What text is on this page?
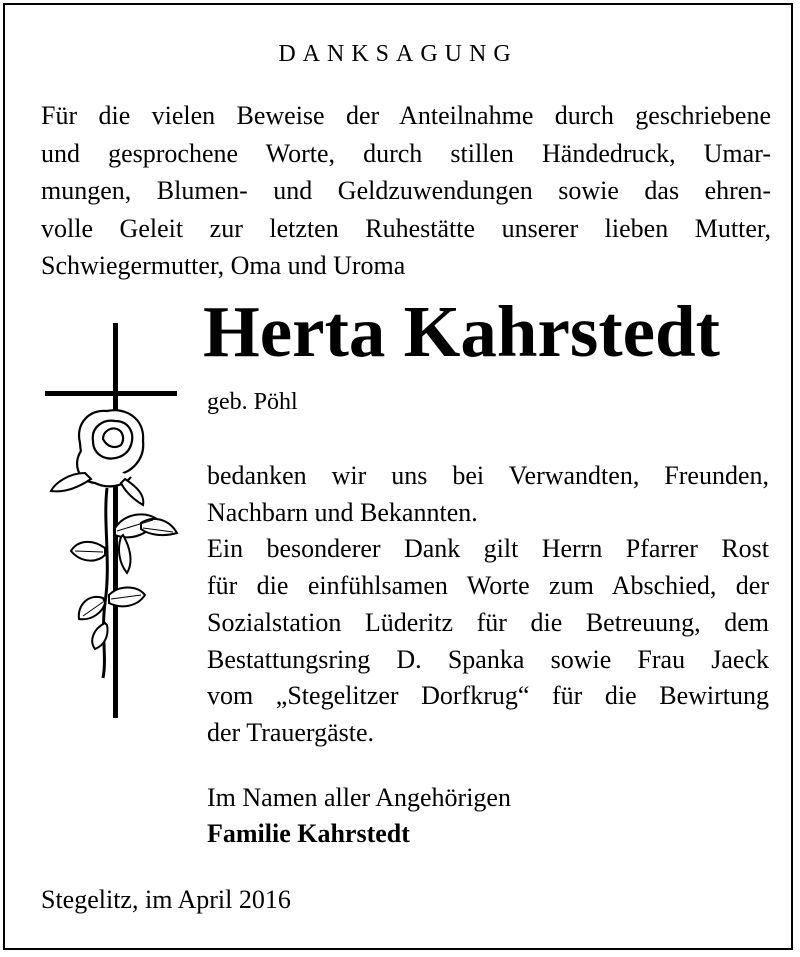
DANKSAGUNG

Für die vielen Beweise der Anteilnahme durch geschriebene
und gesprochene Worte, durch stillen Händedruck, Umar-
mungen, Blumen- und Geldzuwendungen sowie das ehren-
volle Geleit zur letzten Ruhestätte unserer lieben Mutter,
Schwiegermutter, Oma und Uroma

Herta Kahrstedt
geb. Pöhl

bedanken wir uns bei Verwandten, Freunden,
Nachbarn und Bekannten.
Ein besonderer Dank gilt Herrn Pfarrer Rost
für die einfühlsamen Worte zum Abschied, der
Sozialstation Lüderitz für die Betreuung, dem
Bestattungsring D. Spanka sowie Frau Jaeck
vom „Stegelitzer Dorfkrug“ für die Bewirtung
der Trauergäste.

Im Namen aller Angehörigen
Familie Kahrstedt
Stegelitz, im April 2016
